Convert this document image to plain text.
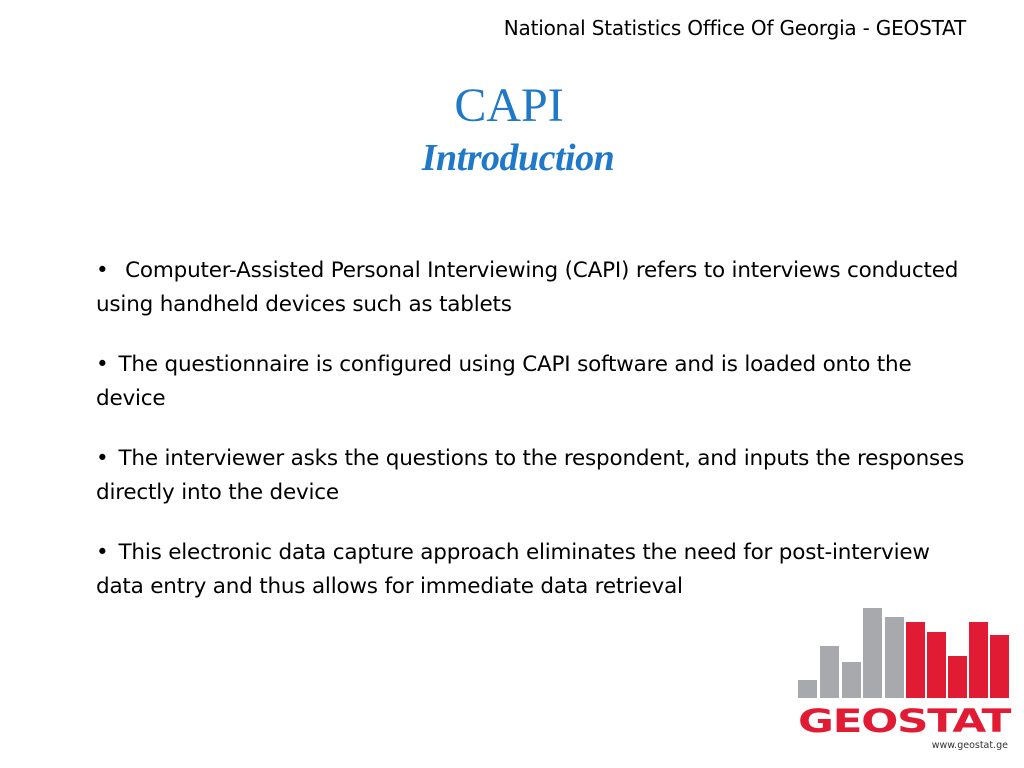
National Statistics Office Of Georgia - GEOSTAT
CAPI
Introduction
• Computer-Assisted Personal Interviewing (CAPI) refers to interviews conducted using handheld devices such as tablets
• The questionnaire is configured using CAPI software and is loaded onto the device
• The interviewer asks the questions to the respondent, and inputs the responses directly into the device
• This electronic data capture approach eliminates the need for post-interview data entry and thus allows for immediate data retrieval
GEOSTAT
www.geostat.ge
